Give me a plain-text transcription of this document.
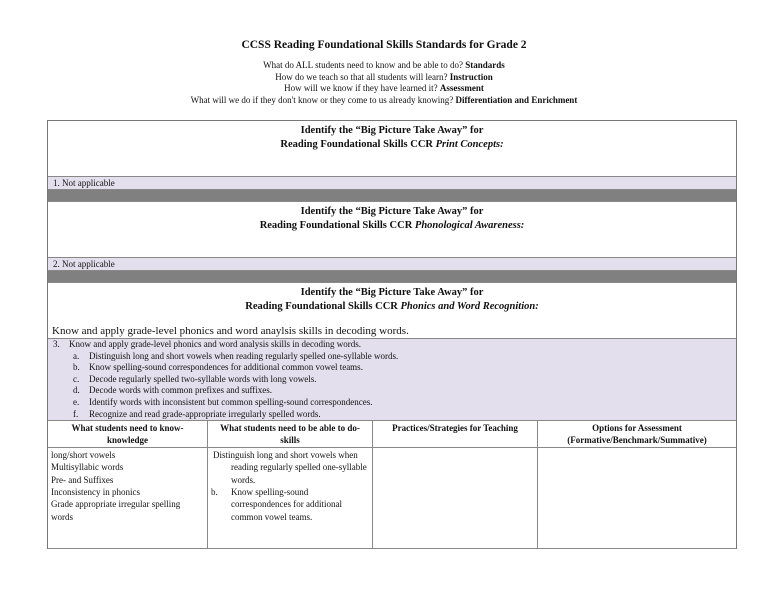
CCSS Reading Foundational Skills Standards for Grade 2
What do ALL students need to know and be able to do? Standards
How do we teach so that all students will learn? Instruction
How will we know if they have learned it? Assessment
What will we do if they don't know or they come to us already knowing? Differentiation and Enrichment
Identify the “Big Picture Take Away” for
Reading Foundational Skills CCR Print Concepts:
1. Not applicable
Identify the “Big Picture Take Away” for
Reading Foundational Skills CCR Phonological Awareness:
2. Not applicable
Identify the “Big Picture Take Away” for
Reading Foundational Skills CCR Phonics and Word Recognition:
Know and apply grade-level phonics and word anaylsis skills in decoding words.
3. Know and apply grade-level phonics and word analysis skills in decoding words.
a. Distinguish long and short vowels when reading regularly spelled one-syllable words.
b. Know spelling-sound correspondences for additional common vowel teams.
c. Decode regularly spelled two-syllable words with long vowels.
d. Decode words with common prefixes and suffixes.
e. Identify words with inconsistent but common spelling-sound correspondences.
f. Recognize and read grade-appropriate irregularly spelled words.
What students need to know-knowledge
What students need to be able to do-skills
Practices/Strategies for Teaching	Options for Assessment (Formative/Benchmark/Summative)
long/short vowels
Multisyllabic words
Pre- and Suffixes
Inconsistency in phonics
Grade appropriate irregular spelling words
Distinguish long and short vowels when reading regularly spelled one-syllable words.
b.	Know spelling-sound correspondences for additional common vowel teams.
